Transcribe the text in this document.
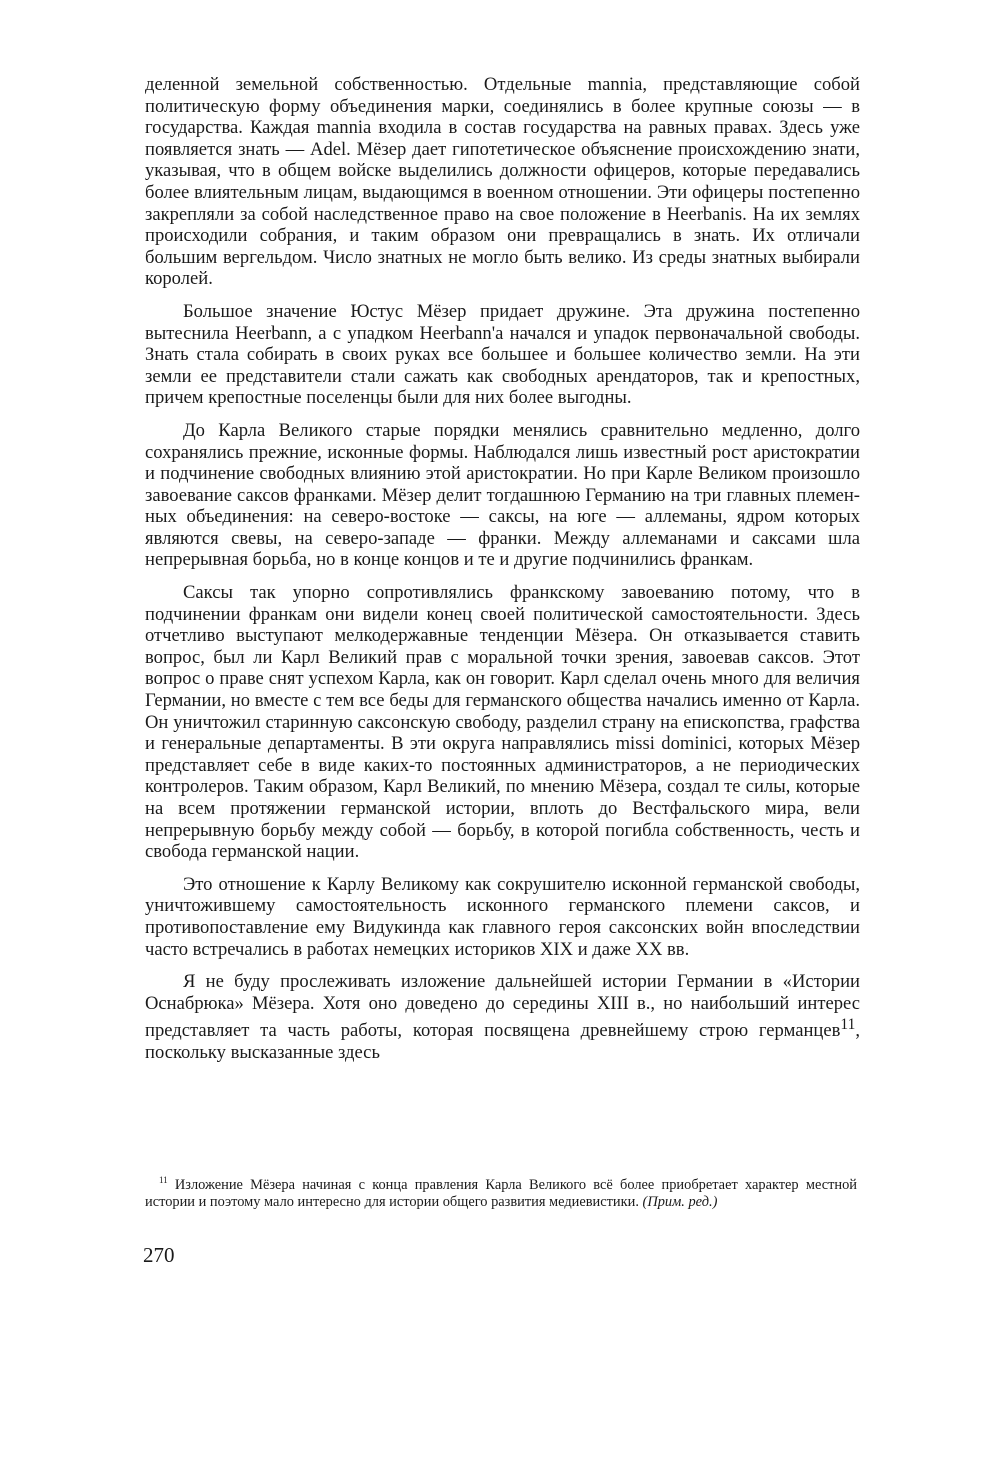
деленной земельной собственностью. Отдельные mannia, представляющие собой политическую форму объединения марки, соединялись в более крупные союзы — в государства. Каждая mannia входила в состав государства на равных правах. Здесь уже появляется знать — Adel. Мёзер дает гипотетическое объяснение происхождению знати, указывая, что в общем войске выделились должности офицеров, которые передавались более влиятельным лицам, выдающимся в военном отношении. Эти офицеры постепенно закрепляли за собой наследственное право на свое положение в Heerbanis. На их землях происходили собрания, и таким образом они превращались в знать. Их отличали большим вергельдом. Число знатных не могло быть велико. Из среды знатных выбирали королей.

Большое значение Юстус Мёзер придает дружине. Эта дружина постепенно вытеснила Heerbann, а с упадком Heerbann'а начался и упадок первоначальной свободы. Знать стала собирать в своих руках все большее и большее количество земли. На эти земли ее представители стали сажать как свободных арендаторов, так и крепостных, причем крепостные поселенцы были для них более выгодны.

До Карла Великого старые порядки менялись сравнительно медленно, долго сохранялись прежние, исконные формы. Наблюдался лишь известный рост аристократии и подчинение свободных влиянию этой аристократии. Но при Карле Великом произошло завоевание саксов франками. Мёзер делит тогдашнюю Германию на три главных племенных объединения: на северо-востоке — саксы, на юге — аллеманы, ядром которых являются свевы, на северо-западе — франки. Между аллеманами и саксами шла непрерывная борьба, но в конце концов и те и другие подчинились франкам.

Саксы так упорно сопротивлялись франкскому завоеванию потому, что в подчинении франкам они видели конец своей политической самостоятельности. Здесь отчетливо выступают мелкодержавные тенденции Мёзера. Он отказывается ставить вопрос, был ли Карл Великий прав с моральной точки зрения, завоевав саксов. Этот вопрос о праве снят успехом Карла, как он говорит. Карл сделал очень много для величия Германии, но вместе с тем все беды для германского общества начались именно от Карла. Он уничтожил старинную саксонскую свободу, разделил страну на епископства, графства и генеральные департаменты. В эти округа направлялись missi dominici, которых Мёзер представляет себе в виде каких-то постоянных администраторов, а не периодических контролеров. Таким образом, Карл Великий, по мнению Мёзера, создал те силы, которые на всем протяжении германской истории, вплоть до Вестфальского мира, вели непрерывную борьбу между собой — борьбу, в которой погибла собственность, честь и свобода германской нации.

Это отношение к Карлу Великому как сокрушителю исконной германской свободы, уничтожившему самостоятельность исконного германского племени саксов, и противопоставление ему Видукинда как главного героя саксонских войн впоследствии часто встречались в работах немецких историков XIX и даже XX вв.

Я не буду прослеживать изложение дальнейшей истории Германии в «Истории Оснабрюка» Мёзера. Хотя оно доведено до середины XIII в., но наибольший интерес представляет та часть работы, которая посвящена древнейшему строю германцев$^{11}$, поскольку высказанные здесь

$^{11}$ Изложение Мёзера начиная с конца правления Карла Великого всё более приобретает характер местной истории и поэтому мало интересно для истории общего развития медиевистики. (Прим. ред.)
270
